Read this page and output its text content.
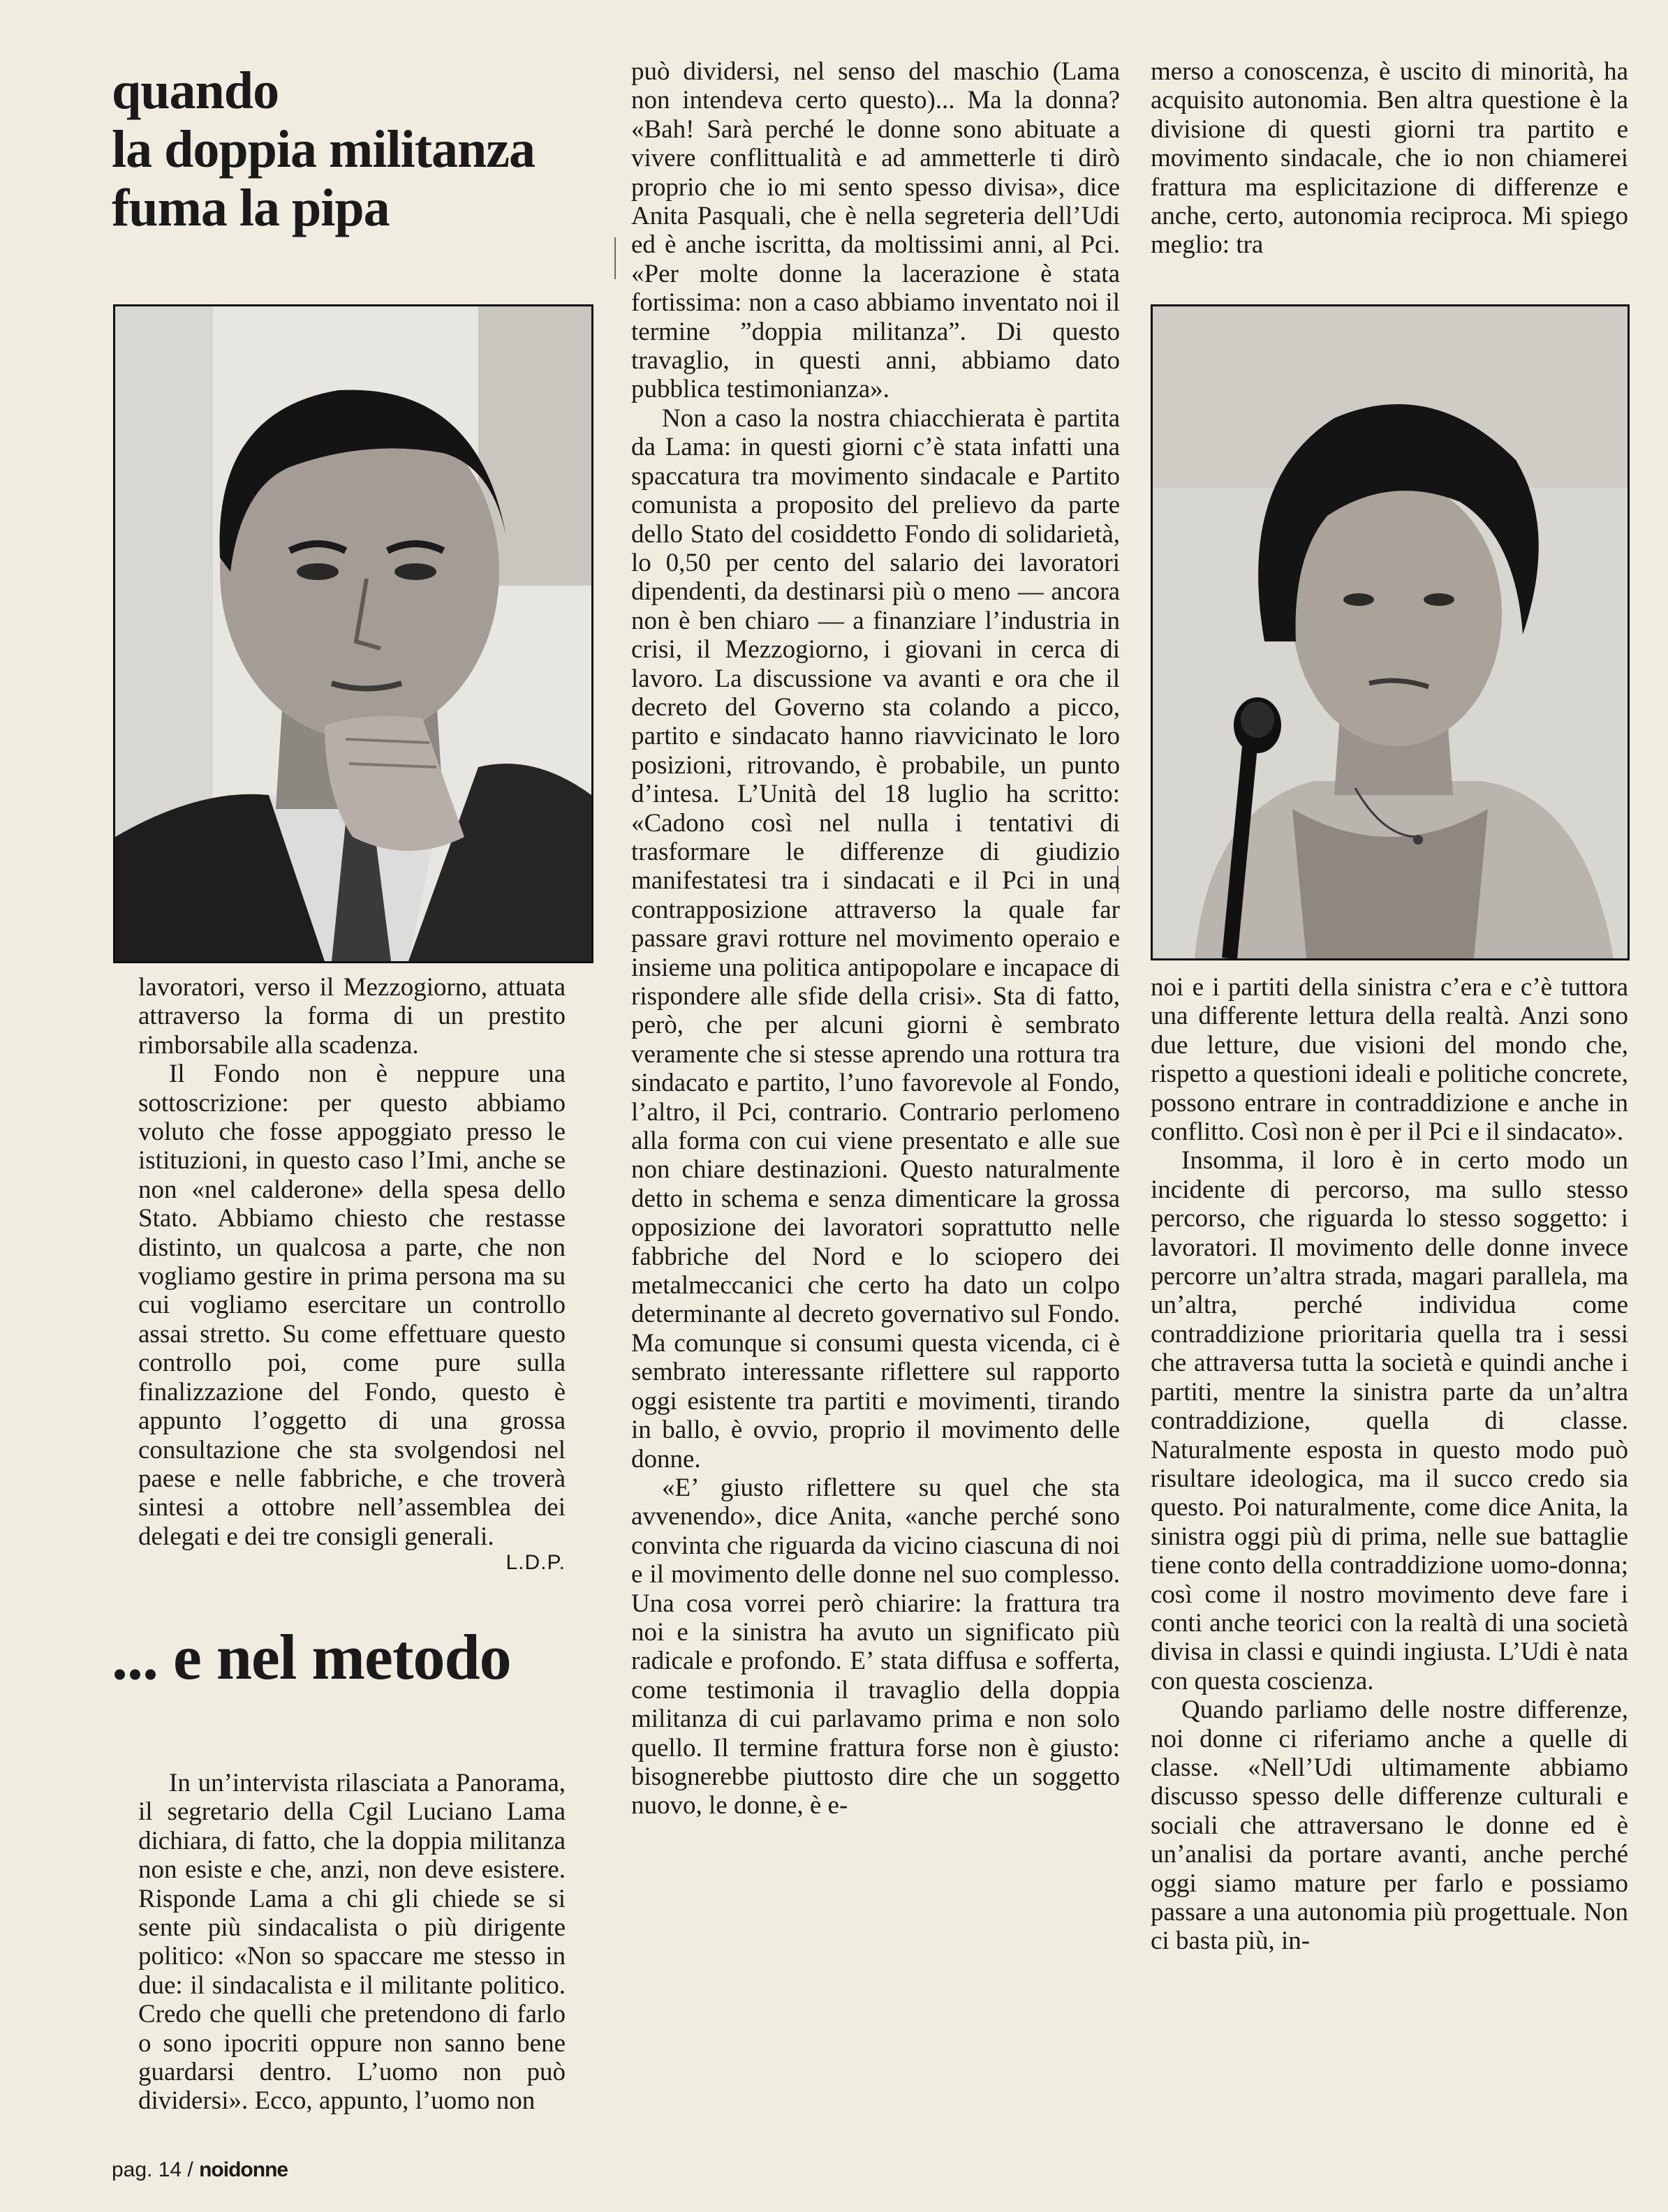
quando
la doppia militanza
fuma la pipa

lavoratori, verso il Mezzogiorno, attuata attraverso la forma di un prestito rimborsabile alla scadenza.

Il Fondo non è neppure una sottoscrizione: per questo abbiamo voluto che fosse appoggiato presso le istituzioni, in questo caso l’Imi, anche se non «nel calderone» della spesa dello Stato. Abbiamo chiesto che restasse distinto, un qualcosa a parte, che non vogliamo gestire in prima persona ma su cui vogliamo esercitare un controllo assai stretto. Su come effettuare questo controllo poi, come pure sulla finalizzazione del Fondo, questo è appunto l’oggetto di una grossa consultazione che sta svolgendosi nel paese e nelle fabbriche, e che troverà sintesi a ottobre nell’assemblea dei delegati e dei tre consigli generali.

L.D.P.
... e nel metodo

In un’intervista rilasciata a Panorama, il segretario della Cgil Luciano Lama dichiara, di fatto, che la doppia militanza non esiste e che, anzi, non deve esistere. Risponde Lama a chi gli chiede se si sente più sindacalista o più dirigente politico: «Non so spaccare me stesso in due: il sindacalista e il militante politico. Credo che quelli che pretendono di farlo o sono ipocriti oppure non sanno bene guardarsi dentro. L’uomo non può dividersi». Ecco, appunto, l’uomo non

può dividersi, nel senso del maschio (Lama non intendeva certo questo)... Ma la donna? «Bah! Sarà perché le donne sono abituate a vivere conflittualità e ad ammetterle ti dirò proprio che io mi sento spesso divisa», dice Anita Pasquali, che è nella segreteria dell’Udi ed è anche iscritta, da moltissimi anni, al Pci. «Per molte donne la lacerazione è stata fortissima: non a caso abbiamo inventato noi il termine ”doppia militanza”. Di questo travaglio, in questi anni, abbiamo dato pubblica testimonianza».

Non a caso la nostra chiacchierata è partita da Lama: in questi giorni c’è stata infatti una spaccatura tra movimento sindacale e Partito comunista a proposito del prelievo da parte dello Stato del cosiddetto Fondo di solidarietà, lo 0,50 per cento del salario dei lavoratori dipendenti, da destinarsi più o meno — ancora non è ben chiaro — a finanziare l’industria in crisi, il Mezzogiorno, i giovani in cerca di lavoro. La discussione va avanti e ora che il decreto del Governo sta colando a picco, partito e sindacato hanno riavvicinato le loro posizioni, ritrovando, è probabile, un punto d’intesa. L’Unità del 18 luglio ha scritto: «Cadono così nel nulla i tentativi di trasformare le differenze di giudizio manifestatesi tra i sindacati e il Pci in una contrapposizione attraverso la quale far passare gravi rotture nel movimento operaio e insieme una politica antipopolare e incapace di rispondere alle sfide della crisi». Sta di fatto, però, che per alcuni giorni è sembrato veramente che si stesse aprendo una rottura tra sindacato e partito, l’uno favorevole al Fondo, l’altro, il Pci, contrario. Contrario perlomeno alla forma con cui viene presentato e alle sue non chiare destinazioni. Questo naturalmente detto in schema e senza dimenticare la grossa opposizione dei lavoratori soprattutto nelle fabbriche del Nord e lo sciopero dei metalmeccanici che certo ha dato un colpo determinante al decreto governativo sul Fondo. Ma comunque si consumi questa vicenda, ci è sembrato interessante riflettere sul rapporto oggi esistente tra partiti e movimenti, tirando in ballo, è ovvio, proprio il movimento delle donne.

«E’ giusto riflettere su quel che sta avvenendo», dice Anita, «anche perché sono convinta che riguarda da vicino ciascuna di noi e il movimento delle donne nel suo complesso. Una cosa vorrei però chiarire: la frattura tra noi e la sinistra ha avuto un significato più radicale e profondo. E’ stata diffusa e sofferta, come testimonia il travaglio della doppia militanza di cui parlavamo prima e non solo quello. Il termine frattura forse non è giusto: bisognerebbe piuttosto dire che un soggetto nuovo, le donne, è e-

merso a conoscenza, è uscito di minorità, ha acquisito autonomia. Ben altra questione è la divisione di questi giorni tra partito e movimento sindacale, che io non chiamerei frattura ma esplicitazione di differenze e anche, certo, autonomia reciproca. Mi spiego meglio: tra

noi e i partiti della sinistra c’era e c’è tuttora una differente lettura della realtà. Anzi sono due letture, due visioni del mondo che, rispetto a questioni ideali e politiche concrete, possono entrare in contraddizione e anche in conflitto. Così non è per il Pci e il sindacato».

Insomma, il loro è in certo modo un incidente di percorso, ma sullo stesso percorso, che riguarda lo stesso soggetto: i lavoratori. Il movimento delle donne invece percorre un’altra strada, magari parallela, ma un’altra, perché individua come contraddizione prioritaria quella tra i sessi che attraversa tutta la società e quindi anche i partiti, mentre la sinistra parte da un’altra contraddizione, quella di classe. Naturalmente esposta in questo modo può risultare ideologica, ma il succo credo sia questo. Poi naturalmente, come dice Anita, la sinistra oggi più di prima, nelle sue battaglie tiene conto della contraddizione uomo-donna; così come il nostro movimento deve fare i conti anche teorici con la realtà di una società divisa in classi e quindi ingiusta. L’Udi è nata con questa coscienza.

Quando parliamo delle nostre differenze, noi donne ci riferiamo anche a quelle di classe. «Nell’Udi ultimamente abbiamo discusso spesso delle differenze culturali e sociali che attraversano le donne ed è un’analisi da portare avanti, anche perché oggi siamo mature per farlo e possiamo passare a una autonomia più progettuale. Non ci basta più, in-

pag. 14 / noidonne
